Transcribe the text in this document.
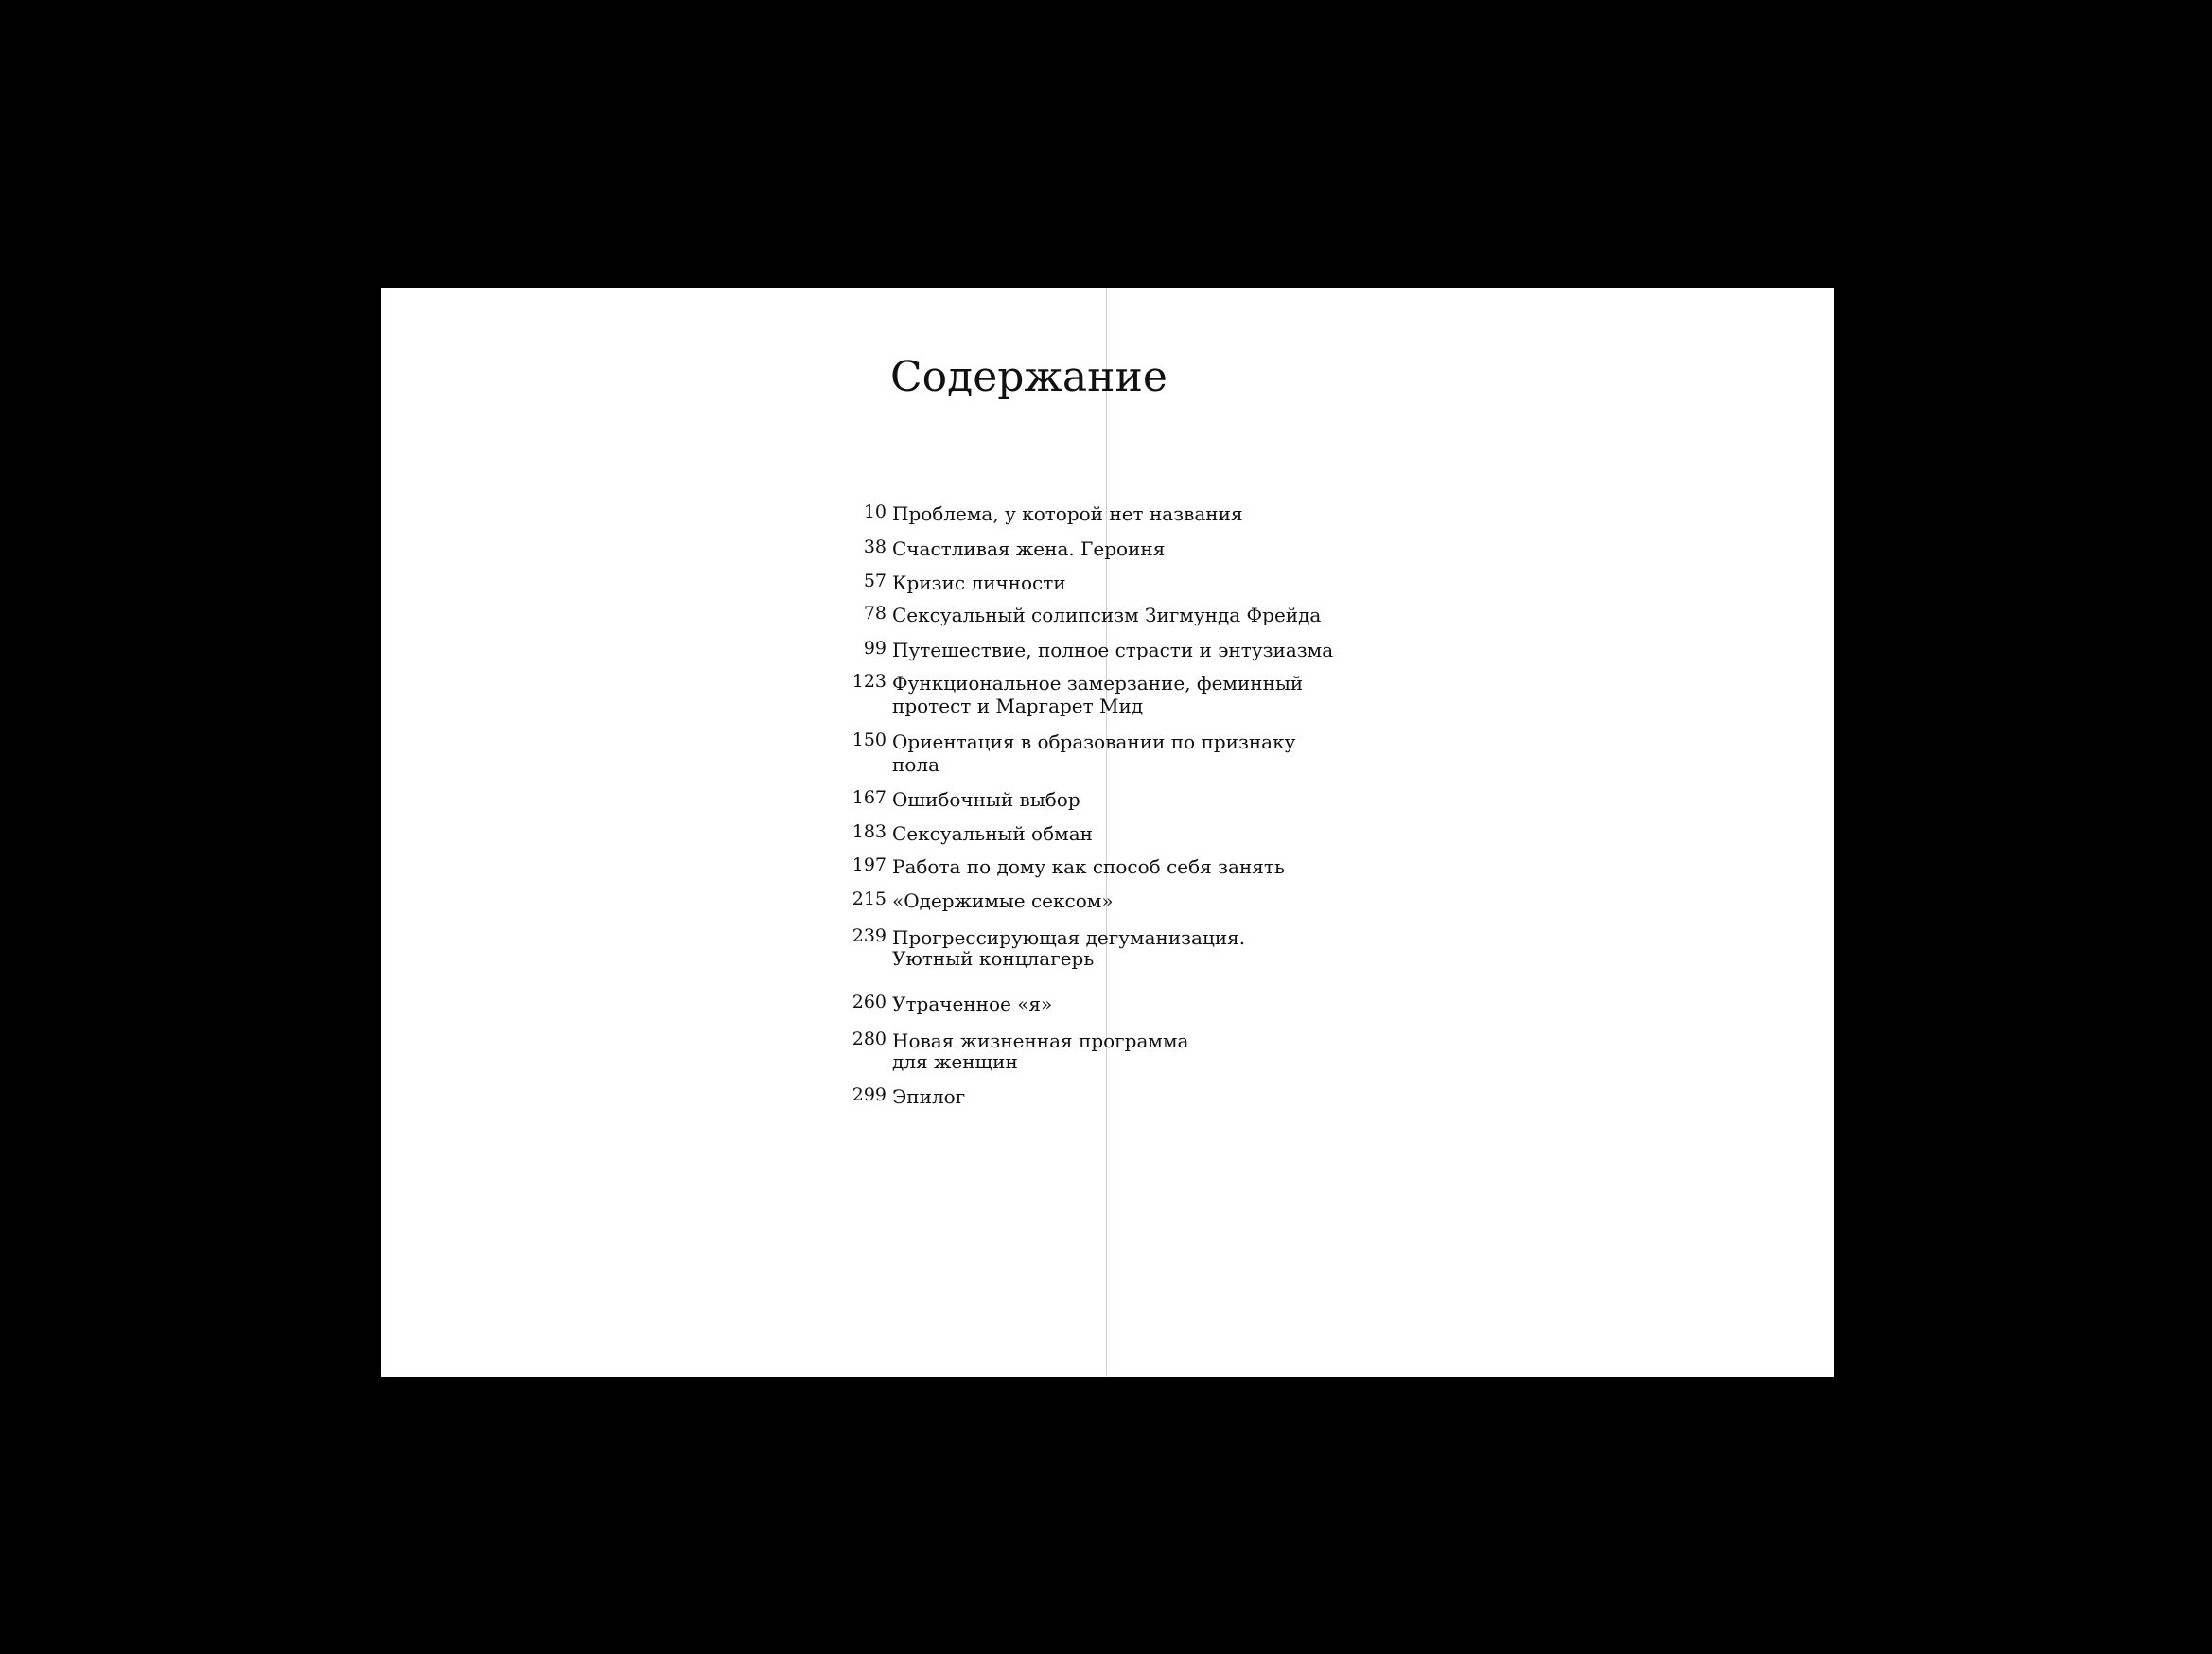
Содержание
10 Проблема, у которой нет названия
38 Счастливая жена. Героиня
57 Кризис личности
78 Сексуальный солипсизм Зигмунда Фрейда
99 Путешествие, полное страсти и энтузиазма
123 Функциональное замерзание, феминный
протест и Маргарет Мид
150 Ориентация в образовании по признаку
пола
167 Ошибочный выбор
183 Сексуальный обман
197 Работа по дому как способ себя занять
215 «Одержимые сексом»
239 Прогрессирующая дегуманизация.
Уютный концлагерь
260 Утраченное «я»
280 Новая жизненная программа
для женщин
299 Эпилог
